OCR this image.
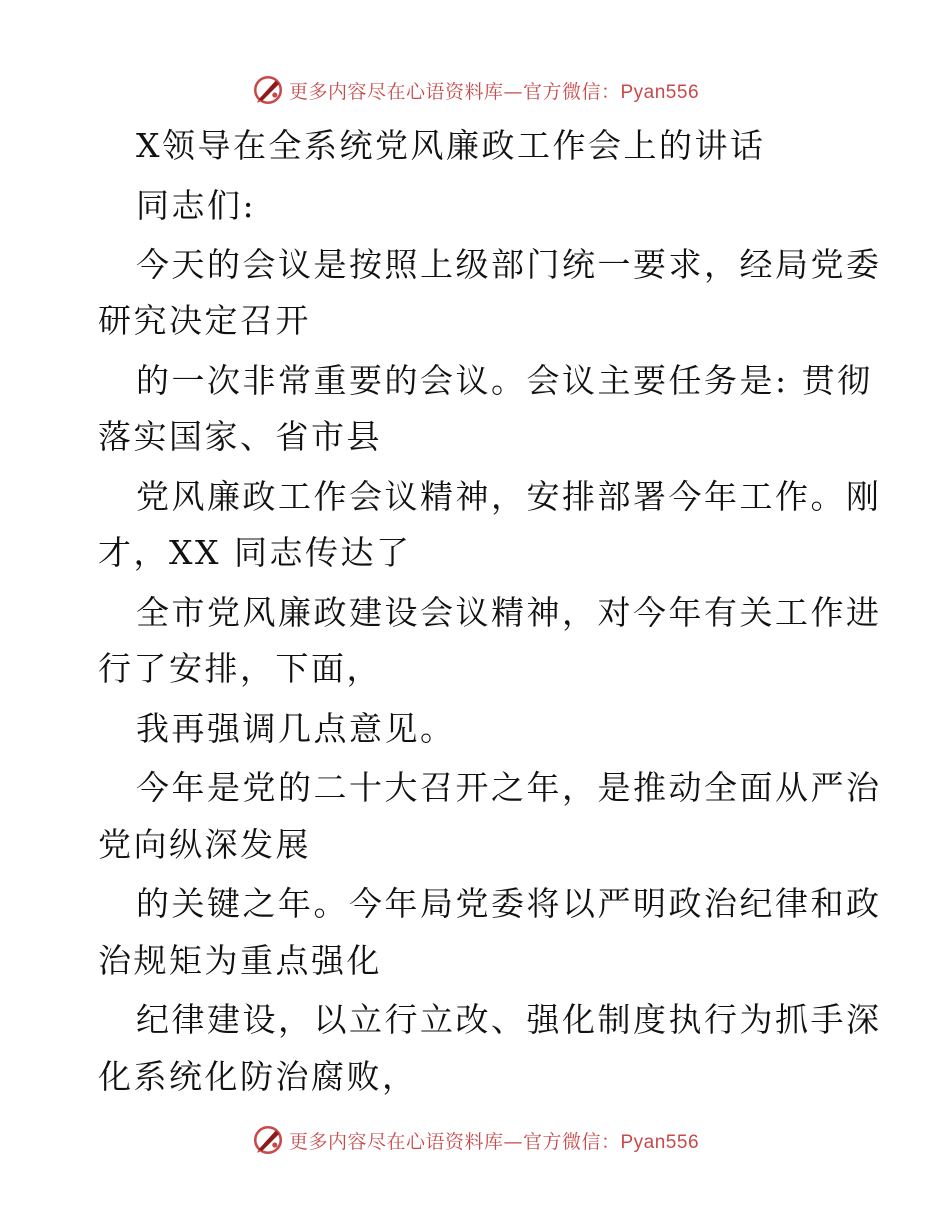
更多内容尽在心语资料库—官方微信：Pyan556
X领导在全系统党风廉政工作会上的讲话
同志们:
今天的会议是按照上级部门统一要求，经局党委
研究决定召开
的一次非常重要的会议。会议主要任务是: 贯彻
落实国家、省市县
党风廉政工作会议精神，安排部署今年工作。刚
才，XX 同志传达了
全市党风廉政建设会议精神，对今年有关工作进
行了安排，下面，
我再强调几点意见。
今年是党的二十大召开之年，是推动全面从严治
党向纵深发展
的关键之年。今年局党委将以严明政治纪律和政
治规矩为重点强化
纪律建设，以立行立改、强化制度执行为抓手深
化系统化防治腐败，
更多内容尽在心语资料库—官方微信：Pyan556
